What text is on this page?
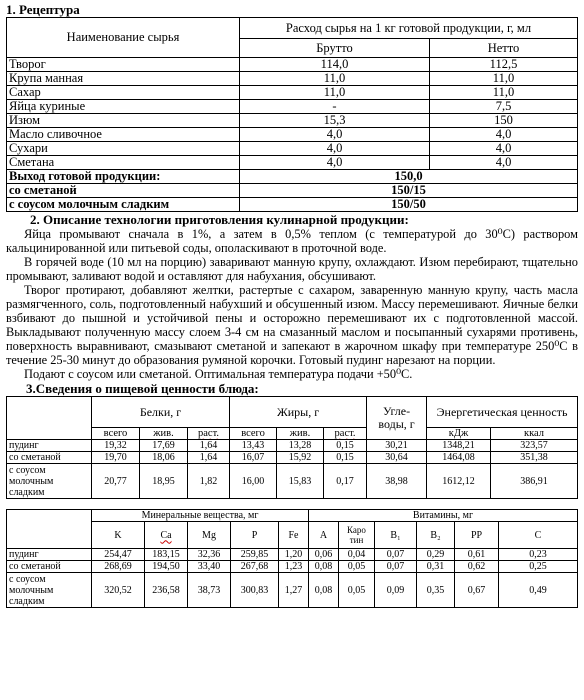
1. Рецептура
Наименование сырья	Расход сырья на 1 кг готовой продукции, г, мл	
	Брутто	Нетто
Творог	114,0	112,5
Крупа манная	11,0	11,0
Сахар	11,0	11,0
Яйца куриные	-	7,5
Изюм	15,3	150
Масло сливочное	4,0	4,0
Сухари	4,0	4,0
Сметана	4,0	4,0
Выход готовой продукции:	150,0	
со сметаной	150/15	
с соусом молочным сладким	150/50	
2. Описание технологии приготовления кулинарной продукции:

Яйца промывают сначала в 1%, а затем в 0,5% теплом (с температурой до 30⁰С) раствором кальцинированной или питьевой соды, ополаскивают в проточной воде.

В горячей воде (10 мл на порцию) заваривают манную крупу, охлаждают. Изюм перебирают, тщательно промывают, заливают водой и оставляют для набухания, обсушивают.

Творог протирают, добавляют желтки, растертые с сахаром, заваренную манную крупу, часть масла размягченного, соль, подготовленный набухший и обсушенный изюм. Массу перемешивают. Яичные белки взбивают до пышной и устойчивой пены и осторожно перемешивают их с подготовленной массой. Выкладывают полученную массу слоем 3-4 см на смазанный маслом и посыпанный сухарями противень, поверхность выравнивают, смазывают сметаной и запекают в жарочном шкафу при температуре 250⁰С в течение 25-30 минут до образования румяной корочки. Готовый пудинг нарезают на порции.

Подают с соусом или сметаной. Оптимальная температура подачи +50⁰С.

3.Сведения о пищевой ценности блюда:
	Белки, г			Жиры, г			Угле-воды, г	Энергетическая ценность	
	всего	жив.	раст.	всего	жив.	раст.		кДж	ккал
пудинг	19,32	17,69	1,64	13,43	13,28	0,15	30,21	1348,21	323,57
со сметаной	19,70	18,06	1,64	16,07	15,92	0,15	30,64	1464,08	351,38
с соусом молочным сладким	20,77	18,95	1,82	16,00	15,83	0,17	38,98	1612,12	386,91
	Минеральные вещества, мг					Витамины, мг					
	K	Ca	Mg	P	Fe	A	Каро тин	B₁	B₂	PP	C
пудинг	254,47	183,15	32,36	259,85	1,20	0,06	0,04	0,07	0,29	0,61	0,23
со сметаной	268,69	194,50	33,40	267,68	1,23	0,08	0,05	0,07	0,31	0,62	0,25
с соусом молочным сладким	320,52	236,58	38,73	300,83	1,27	0,08	0,05	0,09	0,35	0,67	0,49
